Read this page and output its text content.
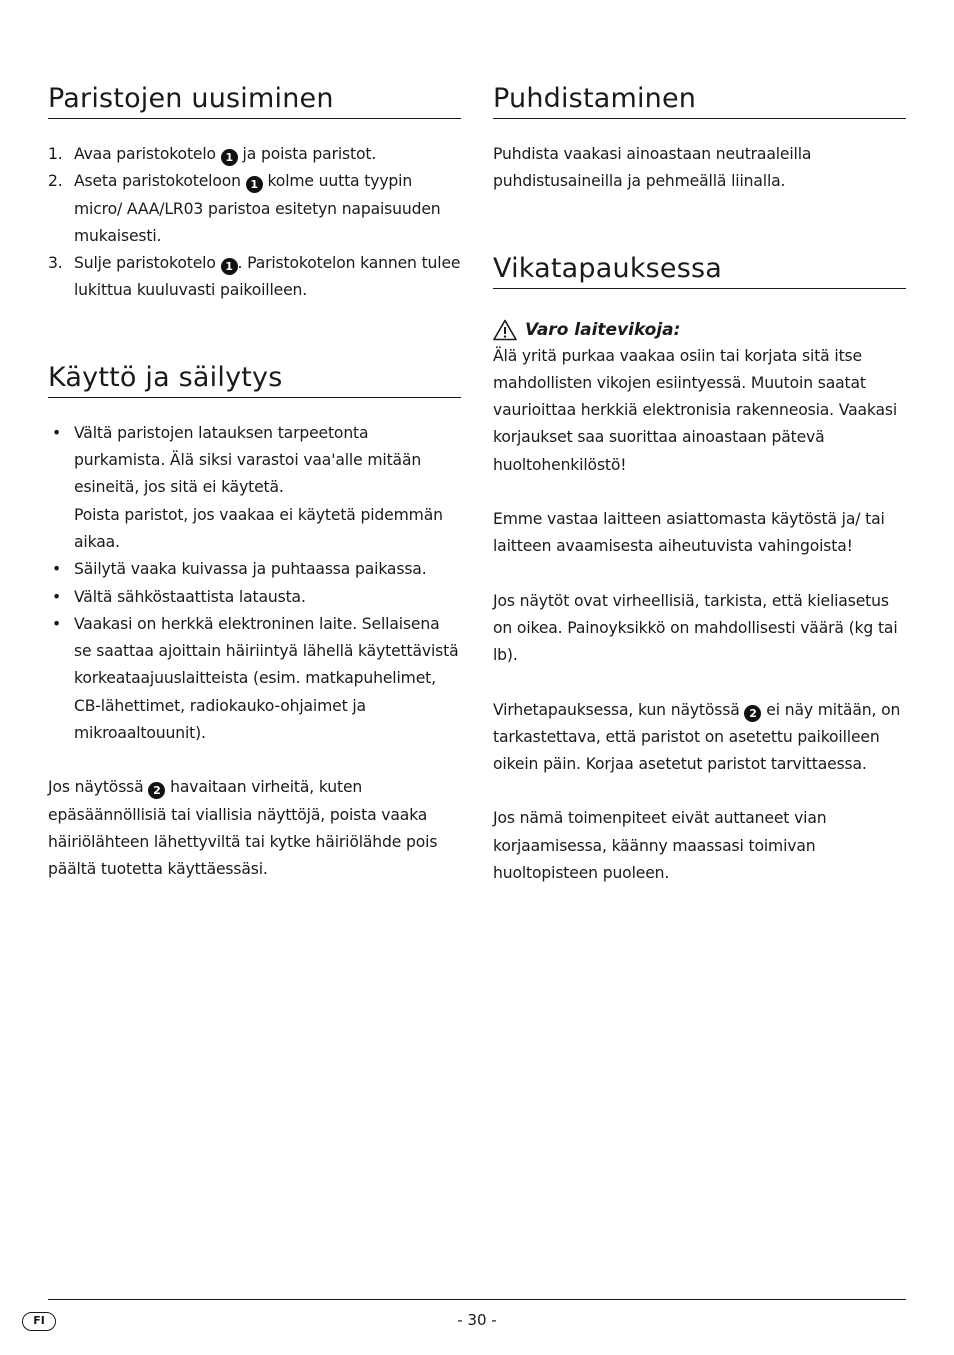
Paristojen uusiminen
1. Avaa paristokotelo 1 ja poista paristot.
2. Aseta paristokoteloon 1 kolme uutta tyypin micro/ AAA/LR03 paristoa esitetyn napaisuuden mukaisesti.
3. Sulje paristokotelo 1 . Paristokotelon kannen tulee lukittua kuuluvasti paikoilleen.
Käyttö ja säilytys
• Vältä paristojen latauksen tarpeetonta purkamista. Älä siksi varastoi vaa'alle mitään esineitä, jos sitä ei käytetä.
Poista paristot, jos vaakaa ei käytetä pidemmän aikaa.
• Säilytä vaaka kuivassa ja puhtaassa paikassa.
• Vältä sähköstaattista latausta.
• Vaakasi on herkkä elektroninen laite. Sellaisena se saattaa ajoittain häiriintyä lähellä käytettävistä korkeataajuuslaitteista (esim. matkapuhelimet, CB-lähettimet, radiokauko-ohjaimet ja mikroaaltouunit).

Jos näytössä 2 havaitaan virheitä, kuten epäsäännöllisiä tai viallisia näyttöjä, poista vaaka häiriölähteen lähettyviltä tai kytke häiriölähde pois päältä tuotetta käyttäessäsi.

Puhdistaminen

Puhdista vaakasi ainoastaan neutraaleilla puhdistusaineilla ja pehmeällä liinalla.

Vikatapauksessa
Varo laitevikoja:

Älä yritä purkaa vaakaa osiin tai korjata sitä itse mahdollisten vikojen esiintyessä. Muutoin saatat vaurioittaa herkkiä elektronisia rakenneosia. Vaakasi korjaukset saa suorittaa ainoastaan pätevä huoltohenkilöstö!

Emme vastaa laitteen asiattomasta käytöstä ja/ tai laitteen avaamisesta aiheutuvista vahingoista!

Jos näytöt ovat virheellisiä, tarkista, että kieliasetus on oikea. Painoyksikkö on mahdollisesti väärä (kg tai lb).

Virhetapauksessa, kun näytössä 2 ei näy mitään, on tarkastettava, että paristot on asetettu paikoilleen oikein päin. Korjaa asetetut paristot tarvittaessa.

Jos nämä toimenpiteet eivät auttaneet vian korjaamisessa, käänny maassasi toimivan huoltopisteen puoleen.

FI	- 30 -
